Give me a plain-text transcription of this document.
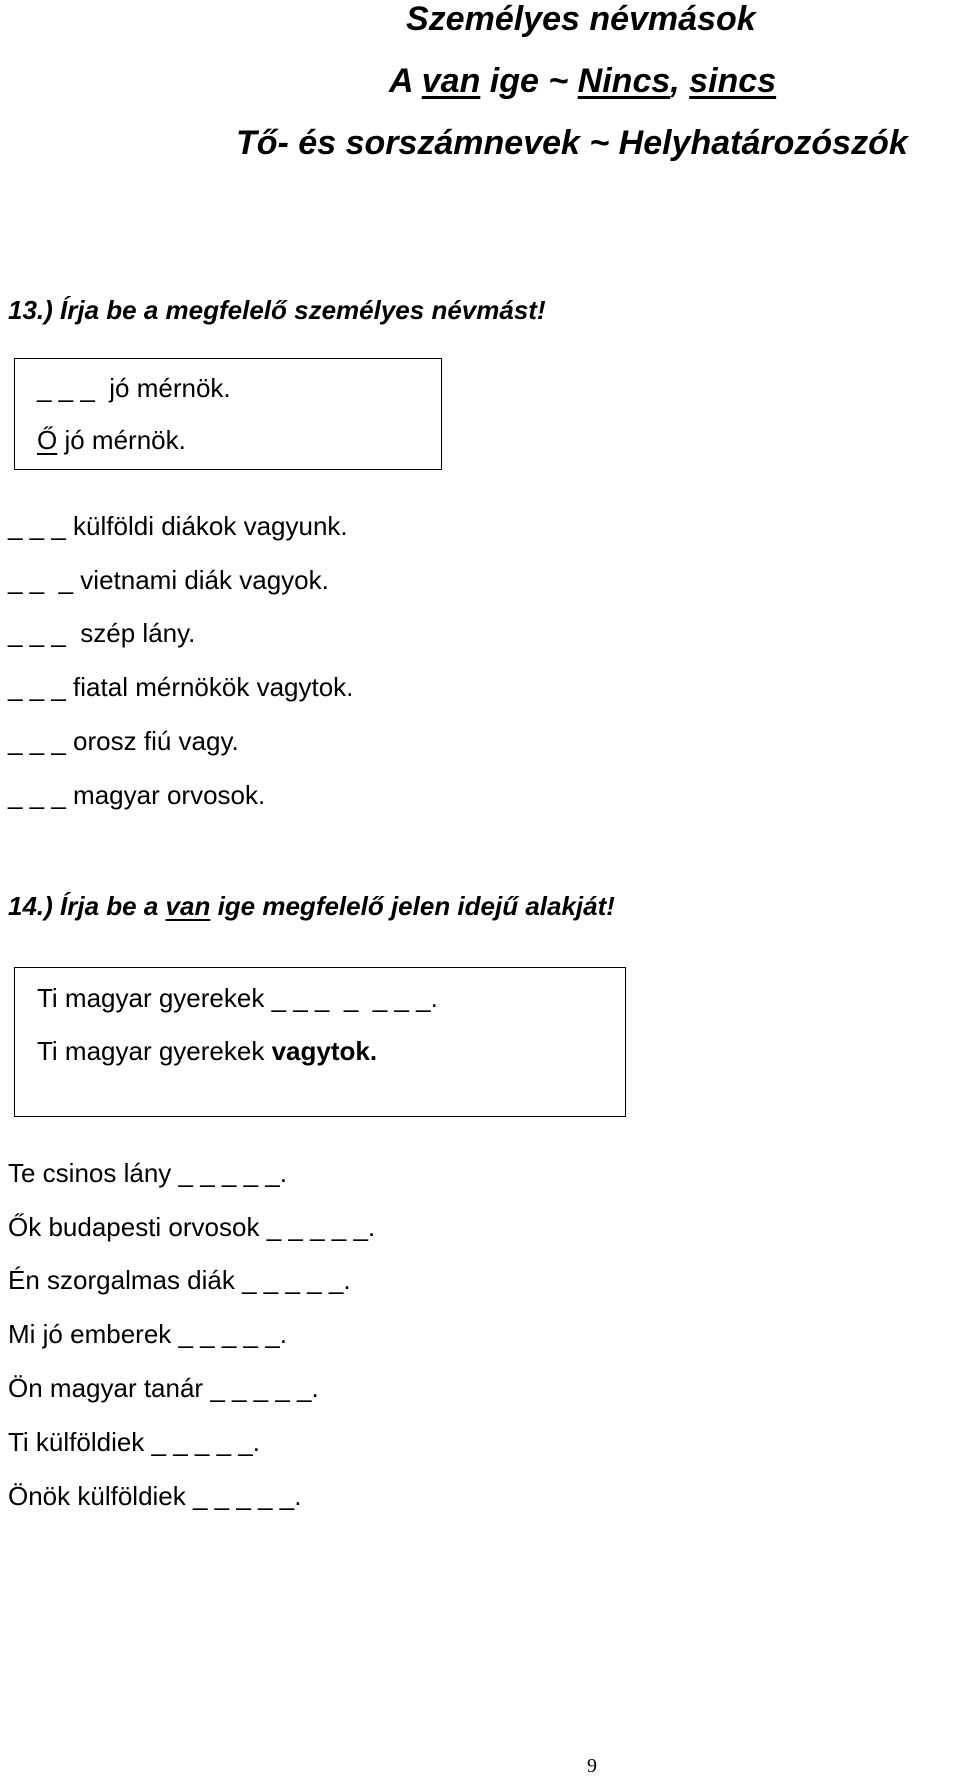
Személyes névmások
A van ige ~ Nincs, sincs
Tő- és sorszámnevek ~ Helyhatározószók
13.) Írja be a megfelelő személyes névmást!
_ _ _  jó mérnök.
Ő jó mérnök.
_ _ _ külföldi diákok vagyunk.
_ _  _ vietnami diák vagyok.
_ _ _  szép lány.
_ _ _ fiatal mérnökök vagytok.
_ _ _ orosz fiú vagy.
_ _ _ magyar orvosok.
14.) Írja be a van ige megfelelő jelen idejű alakját!
Ti magyar gyerekek _ _ _  _  _ _ _.
Ti magyar gyerekek vagytok.
Te csinos lány _ _ _ _ _.
Ők budapesti orvosok _ _ _ _ _.
Én szorgalmas diák _ _ _ _ _.
Mi jó emberek _ _ _ _ _.
Ön magyar tanár _ _ _ _ _.
Ti külföldiek _ _ _ _ _.
Önök külföldiek _ _ _ _ _.
9
